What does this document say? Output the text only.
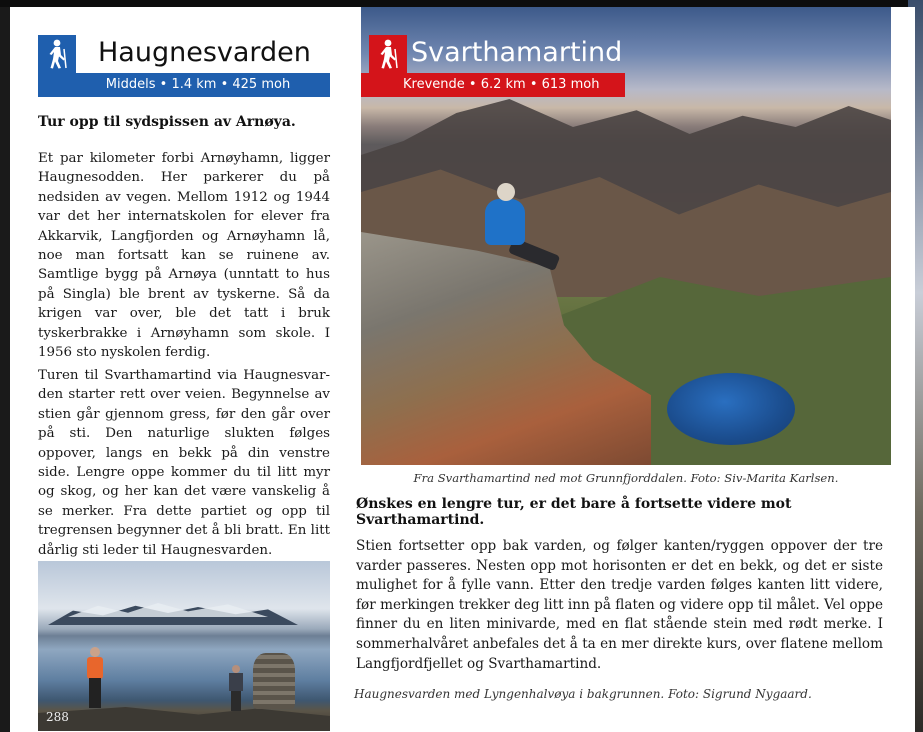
Haugnesvarden
Middels • 1.4 km • 425 moh
Tur opp til sydspissen av Arnøya.
Et par kilometer forbi Arnøyhamn, ligger Haugnesodden. Her parkerer du på nedsiden av vegen. Mellom 1912 og 1944 var det her internatskolen for elever fra Akkarvik, Langfjorden og Arnøyhamn lå, noe man fortsatt kan se ruinene av. Samtlige bygg på Arnøya (unntatt to hus på Singla) ble brent av tyskerne. Så da krigen var over, ble det tatt i bruk tyskerbrakke i Arnøyhamn som skole. I 1956 sto nyskolen ferdig.
Turen til Svarthamartind via Haugnesvarden starter rett over veien. Begynnelse av stien går gjennom gress, før den går over på sti. Den naturlige slukten følges oppover, langs en bekk på din venstre side. Lengre oppe kommer du til litt myr og skog, og her kan det være vanskelig å se merker. Fra dette partiet og opp til tregrensen begynner det å bli bratt. En litt dårlig sti leder til Haugnesvarden.
288
Svarthamartind
Krevende • 6.2 km • 613 moh
Fra Svarthamartind ned mot Grunnfjorddalen. Foto: Siv-Marita Karlsen.
Ønskes en lengre tur, er det bare å fortsette videre mot Svarthamartind.
Stien fortsetter opp bak varden, og følger kanten/ryggen oppover der tre varder passeres. Nesten opp mot horisonten er det en bekk, og det er siste mulighet for å fylle vann. Etter den tredje varden følges kanten litt videre, før merkingen trekker deg litt inn på flaten og videre opp til målet. Vel oppe finner du en liten minivarde, med en flat stående stein med rødt merke. I sommerhalvåret anbefales det å ta en mer direkte kurs, over flatene mellom Langfjordfjellet og Svarthamartind.
Haugnesvarden med Lyngenhalvøya i bakgrunnen. Foto: Sigrund Nygaard.
